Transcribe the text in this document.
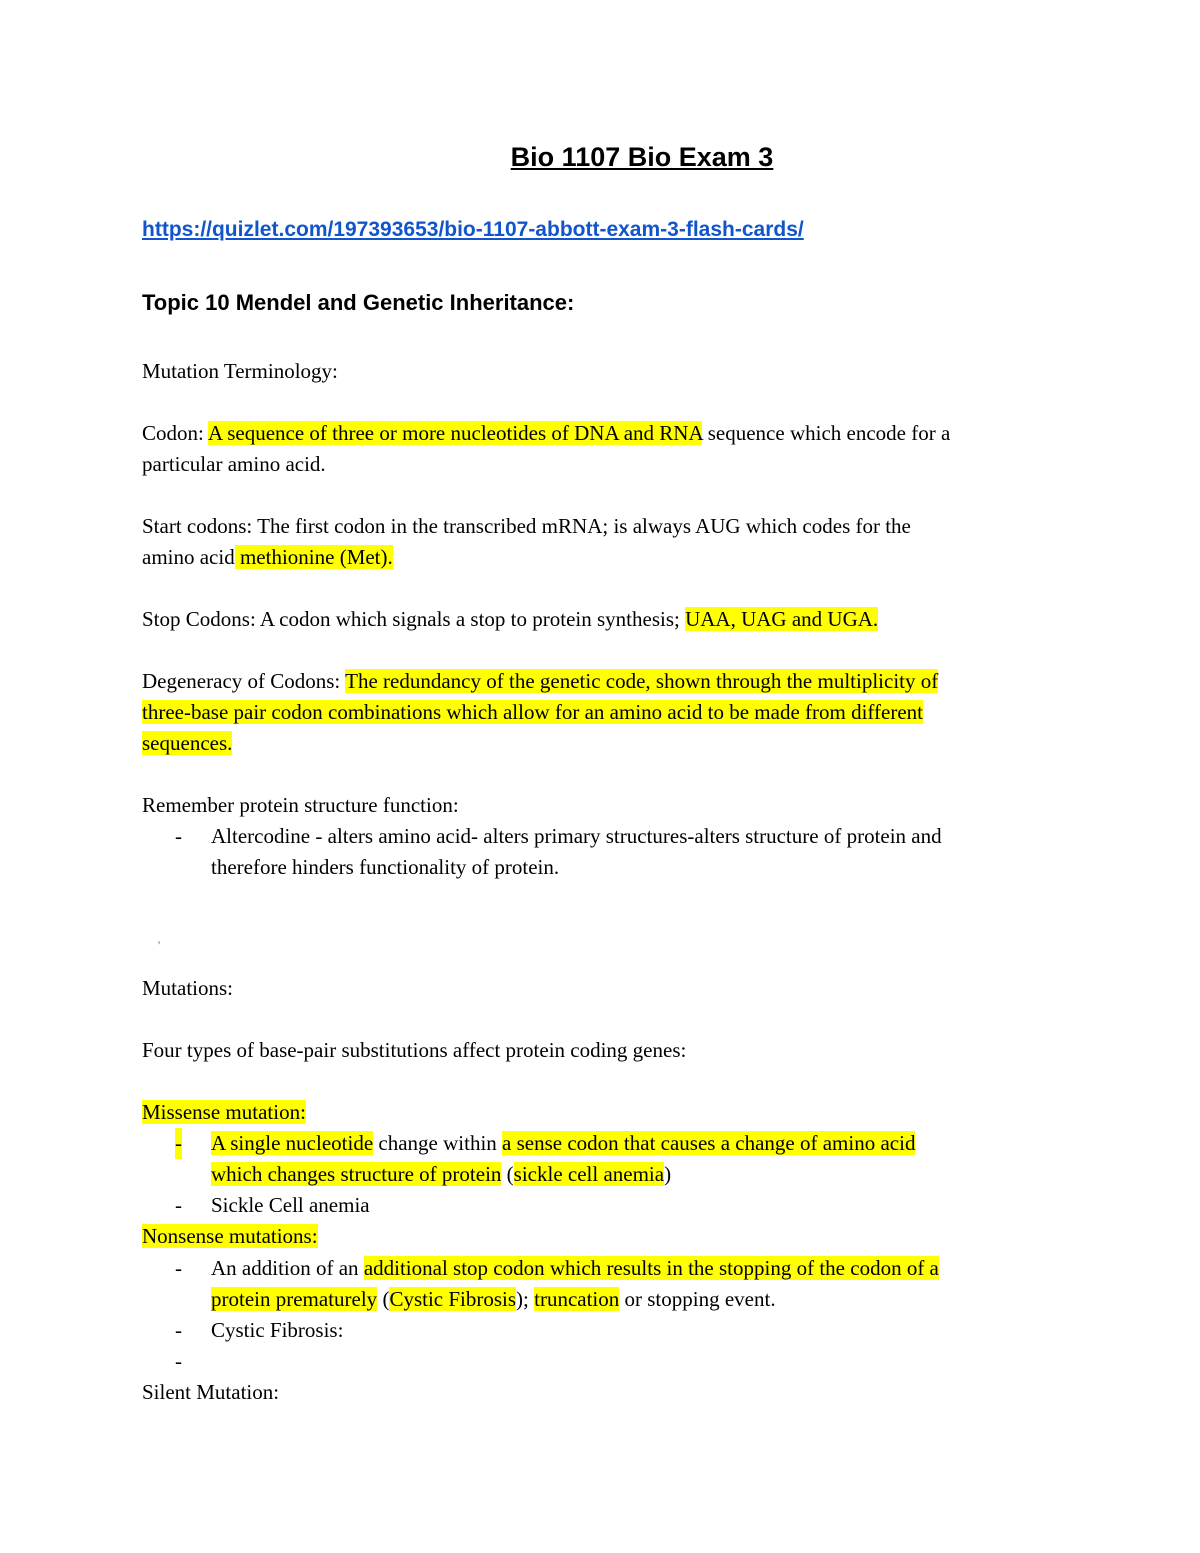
Bio 1107 Bio Exam 3
https://quizlet.com/197393653/bio-1107-abbott-exam-3-flash-cards/
Topic 10 Mendel and Genetic Inheritance:

Mutation Terminology:

Codon: A sequence of three or more nucleotides of DNA and RNA sequence which encode for a

particular amino acid.

Start codons: The first codon in the transcribed mRNA; is always AUG which codes for the

amino acid methionine (Met).

Stop Codons: A codon which signals a stop to protein synthesis; UAA, UAG and UGA.

Degeneracy of Codons: The redundancy of the genetic code, shown through the multiplicity of

three-base pair codon combinations which allow for an amino acid to be made from different

sequences.

Remember protein structure function:

- Altercodine - alters amino acid- alters primary structures-alters structure of protein and
therefore hinders functionality of protein.
'

Mutations:

Four types of base-pair substitutions affect protein coding genes:

Missense mutation:

- A single nucleotide change within a sense codon that causes a change of amino acid
which changes structure of protein (sickle cell anemia)
- Sickle Cell anemia

Nonsense mutations:

- An addition of an additional stop codon which results in the stopping of the codon of a
protein prematurely (Cystic Fibrosis); truncation or stopping event.
- Cystic Fibrosis:
-

Silent Mutation:
